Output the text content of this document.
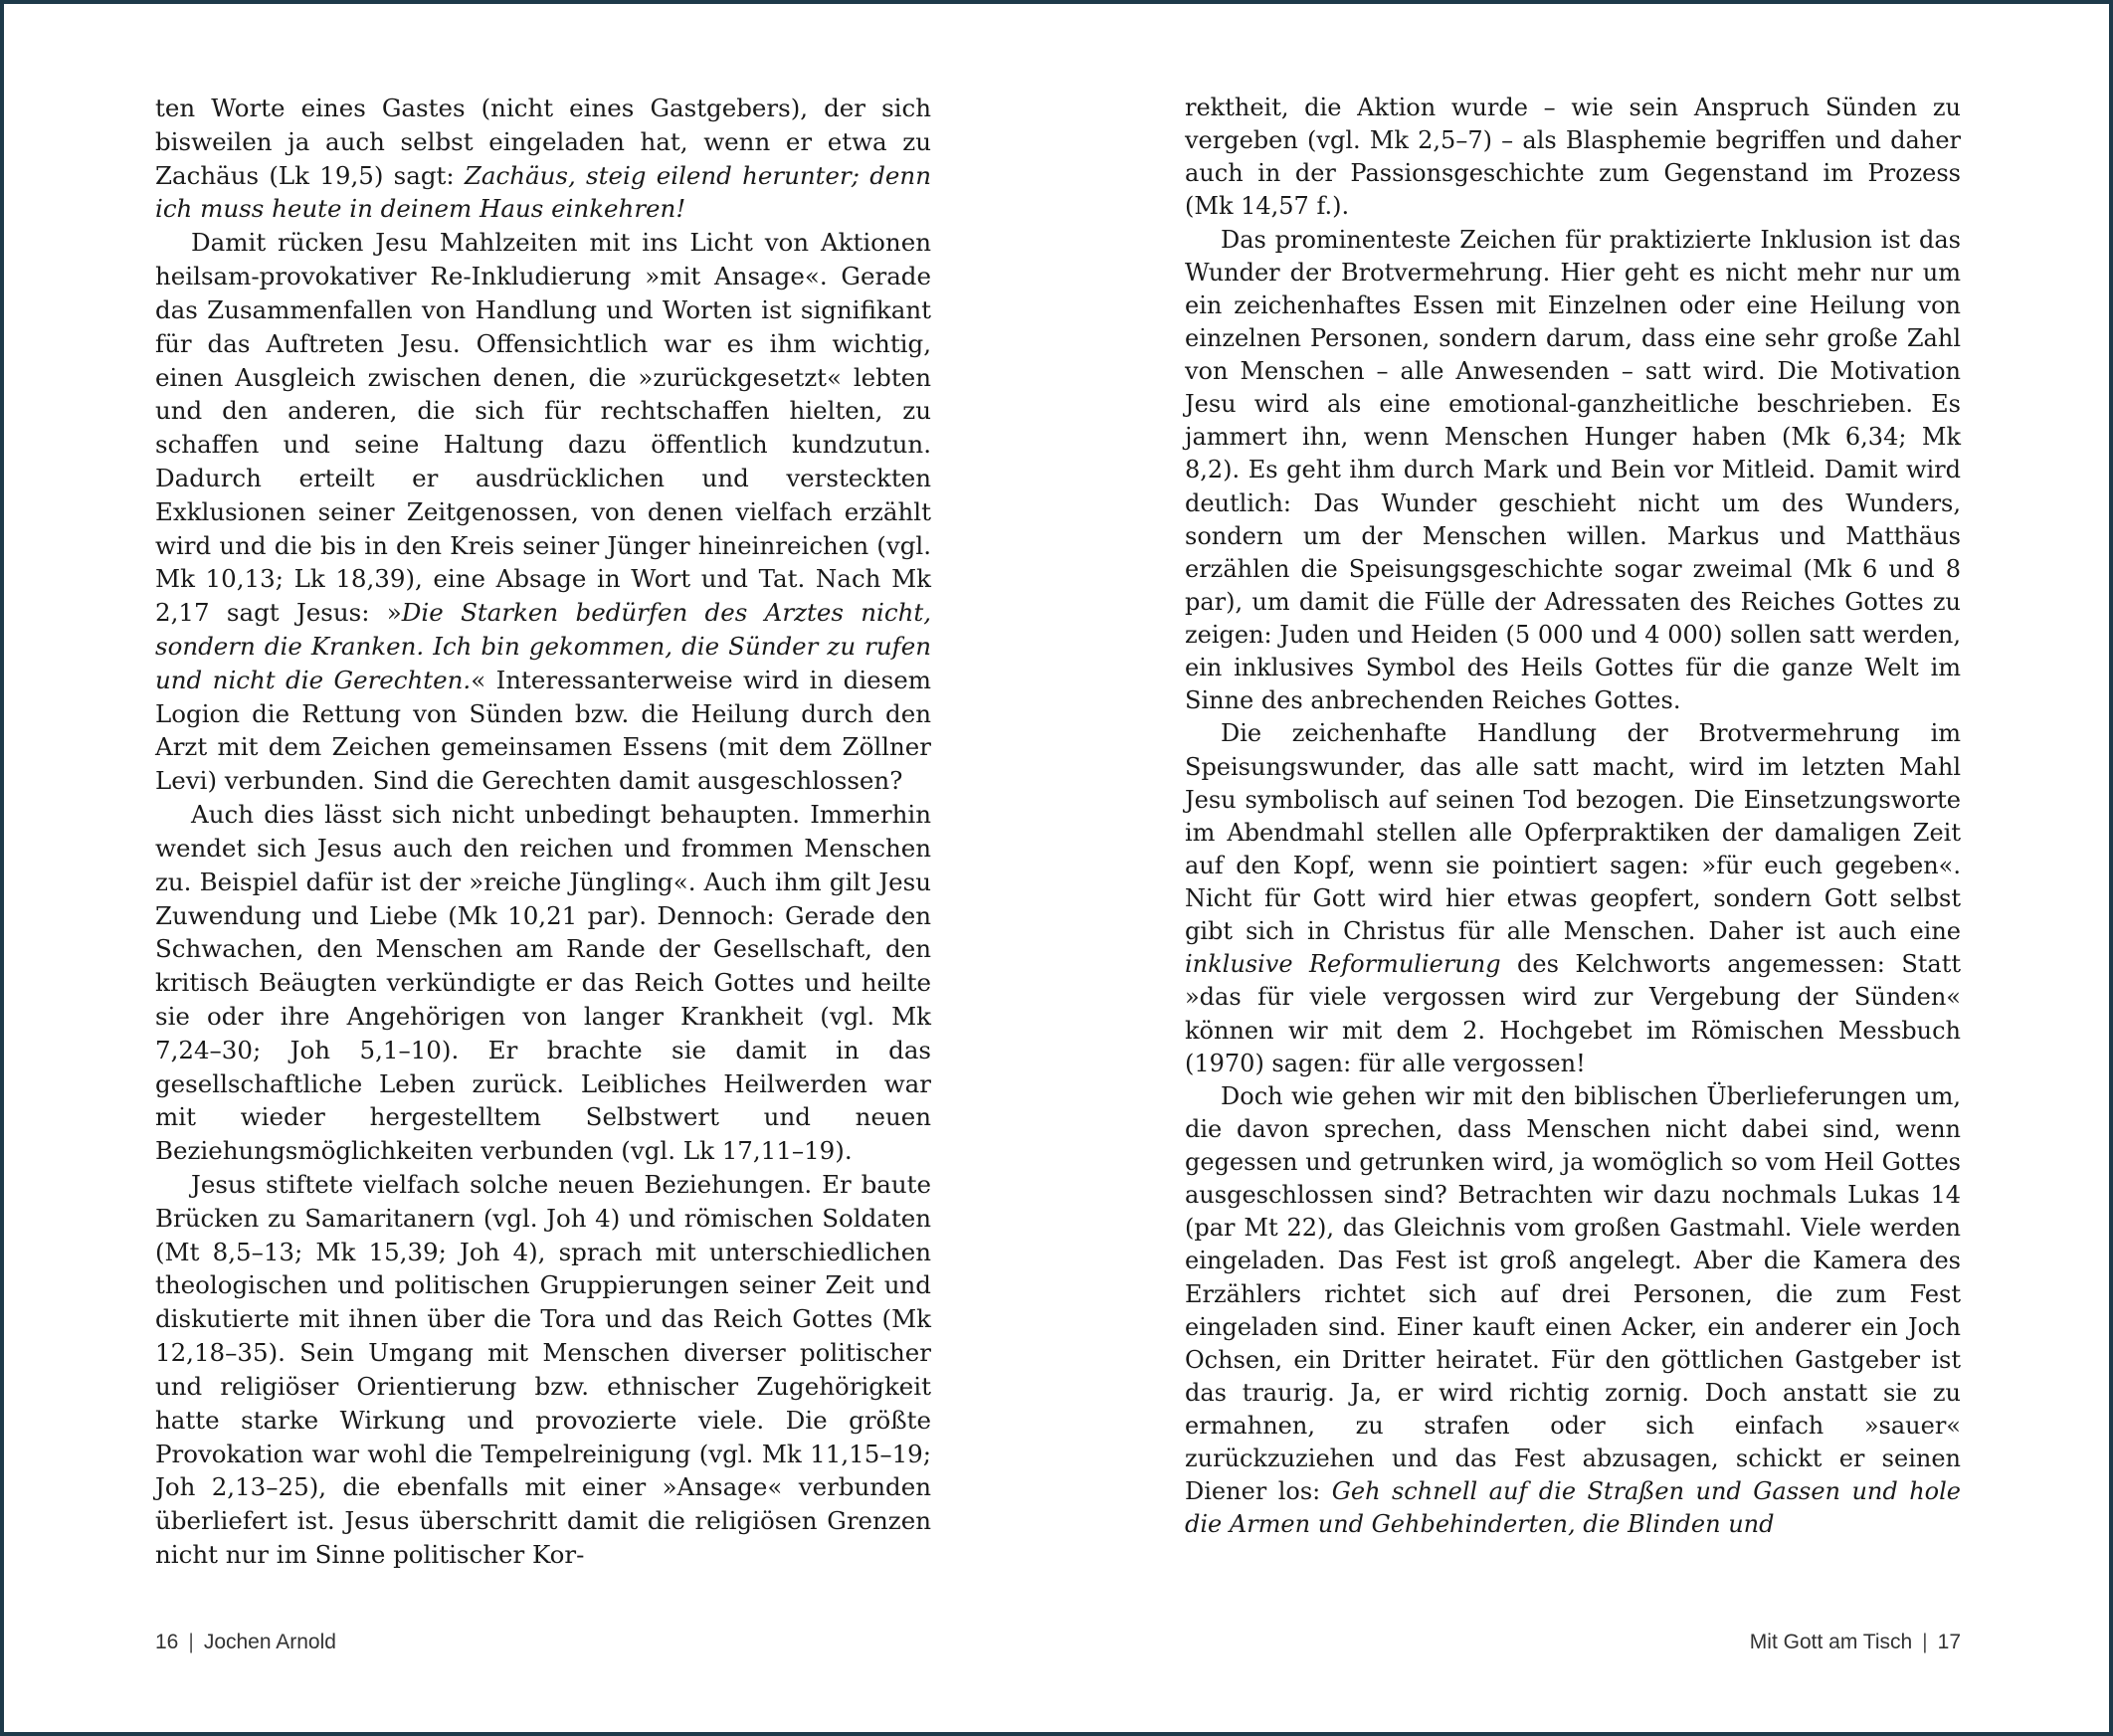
ten Worte eines Gastes (nicht eines Gastgebers), der sich bisweilen ja auch selbst eingeladen hat, wenn er etwa zu Zachäus (Lk 19,5) sagt: Zachäus, steig eilend herunter; denn ich muss heute in deinem Haus einkehren!

Damit rücken Jesu Mahlzeiten mit ins Licht von Aktionen heilsam-provokativer Re-Inkludierung »mit Ansage«. Gerade das Zusammenfallen von Handlung und Worten ist signifikant für das Auftreten Jesu. Offensichtlich war es ihm wichtig, einen Ausgleich zwischen denen, die »zurückgesetzt« lebten und den anderen, die sich für rechtschaffen hielten, zu schaffen und seine Haltung dazu öffentlich kundzutun. Dadurch erteilt er ausdrücklichen und versteckten Exklusionen seiner Zeitgenossen, von denen vielfach erzählt wird und die bis in den Kreis seiner Jünger hineinreichen (vgl. Mk 10,13; Lk 18,39), eine Absage in Wort und Tat. Nach Mk 2,17 sagt Jesus: »Die Starken bedürfen des Arztes nicht, sondern die Kranken. Ich bin gekommen, die Sünder zu rufen und nicht die Gerechten.« Interessanterweise wird in diesem Logion die Rettung von Sünden bzw. die Heilung durch den Arzt mit dem Zeichen gemeinsamen Essens (mit dem Zöllner Levi) verbunden. Sind die Gerechten damit ausgeschlossen?

Auch dies lässt sich nicht unbedingt behaupten. Immerhin wendet sich Jesus auch den reichen und frommen Menschen zu. Beispiel dafür ist der »reiche Jüngling«. Auch ihm gilt Jesu Zuwendung und Liebe (Mk 10,21 par). Dennoch: Gerade den Schwachen, den Menschen am Rande der Gesellschaft, den kritisch Beäugten verkündigte er das Reich Gottes und heilte sie oder ihre Angehörigen von langer Krankheit (vgl. Mk 7,24–30; Joh 5,1–10). Er brachte sie damit in das gesellschaftliche Leben zurück. Leibliches Heilwerden war mit wieder hergestelltem Selbstwert und neuen Beziehungsmöglichkeiten verbunden (vgl. Lk 17,11–19).

Jesus stiftete vielfach solche neuen Beziehungen. Er baute Brücken zu Samaritanern (vgl. Joh 4) und römischen Soldaten (Mt 8,5–13; Mk 15,39; Joh 4), sprach mit unterschiedlichen theologischen und politischen Gruppierungen seiner Zeit und diskutierte mit ihnen über die Tora und das Reich Gottes (Mk 12,18–35). Sein Umgang mit Menschen diverser politischer und religiöser Orientierung bzw. ethnischer Zugehörigkeit hatte starke Wirkung und provozierte viele. Die größte Provokation war wohl die Tempelreinigung (vgl. Mk 11,15–19; Joh 2,13–25), die ebenfalls mit einer »Ansage« verbunden überliefert ist. Jesus überschritt damit die religiösen Grenzen nicht nur im Sinne politischer Kor-

rektheit, die Aktion wurde – wie sein Anspruch Sünden zu vergeben (vgl. Mk 2,5–7) – als Blasphemie begriffen und daher auch in der Passionsgeschichte zum Gegenstand im Prozess (Mk 14,57 f.).

Das prominenteste Zeichen für praktizierte Inklusion ist das Wunder der Brotvermehrung. Hier geht es nicht mehr nur um ein zeichenhaftes Essen mit Einzelnen oder eine Heilung von einzelnen Personen, sondern darum, dass eine sehr große Zahl von Menschen – alle Anwesenden – satt wird. Die Motivation Jesu wird als eine emotional-ganzheitliche beschrieben. Es jammert ihn, wenn Menschen Hunger haben (Mk 6,34; Mk 8,2). Es geht ihm durch Mark und Bein vor Mitleid. Damit wird deutlich: Das Wunder geschieht nicht um des Wunders, sondern um der Menschen willen. Markus und Matthäus erzählen die Speisungsgeschichte sogar zweimal (Mk 6 und 8 par), um damit die Fülle der Adressaten des Reiches Gottes zu zeigen: Juden und Heiden (5 000 und 4 000) sollen satt werden, ein inklusives Symbol des Heils Gottes für die ganze Welt im Sinne des anbrechenden Reiches Gottes.

Die zeichenhafte Handlung der Brotvermehrung im Speisungswunder, das alle satt macht, wird im letzten Mahl Jesu symbolisch auf seinen Tod bezogen. Die Einsetzungsworte im Abendmahl stellen alle Opferpraktiken der damaligen Zeit auf den Kopf, wenn sie pointiert sagen: »für euch gegeben«. Nicht für Gott wird hier etwas geopfert, sondern Gott selbst gibt sich in Christus für alle Menschen. Daher ist auch eine inklusive Reformulierung des Kelchworts angemessen: Statt »das für viele vergossen wird zur Vergebung der Sünden« können wir mit dem 2. Hochgebet im Römischen Messbuch (1970) sagen: für alle vergossen!

Doch wie gehen wir mit den biblischen Überlieferungen um, die davon sprechen, dass Menschen nicht dabei sind, wenn gegessen und getrunken wird, ja womöglich so vom Heil Gottes ausgeschlossen sind? Betrachten wir dazu nochmals Lukas 14 (par Mt 22), das Gleichnis vom großen Gastmahl. Viele werden eingeladen. Das Fest ist groß angelegt. Aber die Kamera des Erzählers richtet sich auf drei Personen, die zum Fest eingeladen sind. Einer kauft einen Acker, ein anderer ein Joch Ochsen, ein Dritter heiratet. Für den göttlichen Gastgeber ist das traurig. Ja, er wird richtig zornig. Doch anstatt sie zu ermahnen, zu strafen oder sich einfach »sauer« zurückzuziehen und das Fest abzusagen, schickt er seinen Diener los: Geh schnell auf die Straßen und Gassen und hole die Armen und Gehbehinderten, die Blinden und

16 | Jochen Arnold	Mit Gott am Tisch | 17
